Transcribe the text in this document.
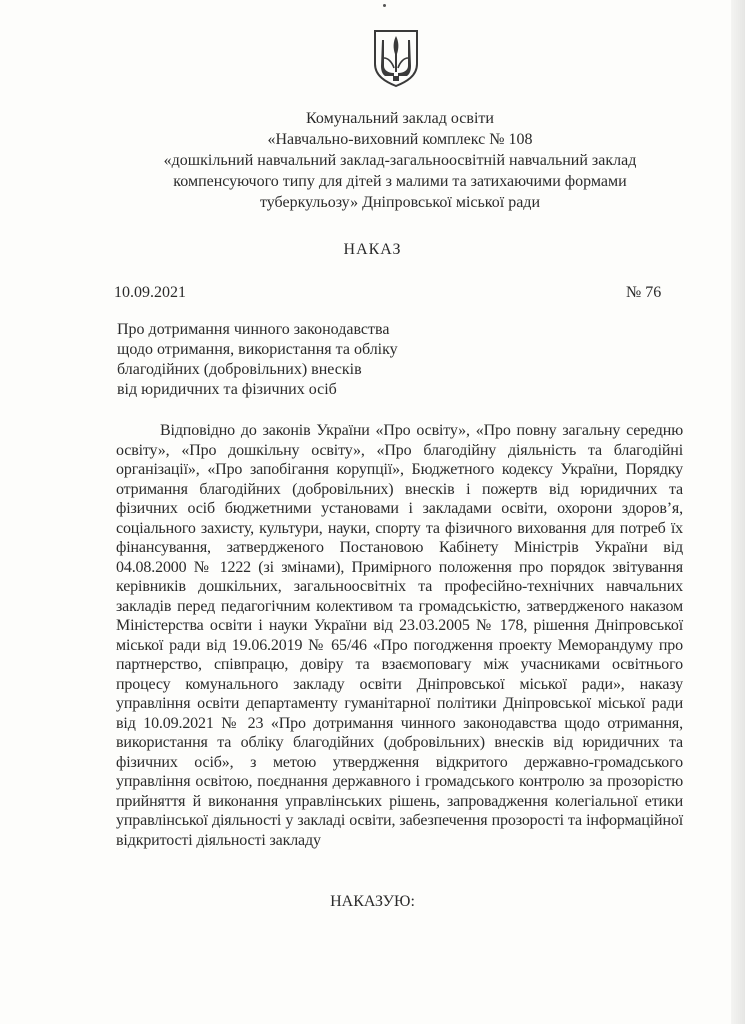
Комунальний заклад освіти
«Навчально-виховний комплекс № 108
«дошкільний навчальний заклад-загальноосвітній навчальний заклад
компенсуючого типу для дітей з малими та затихаючими формами
туберкульозу» Дніпровської міської ради
НАКАЗ
10.09.2021	№ 76
Про дотримання чинного законодавства
щодо отримання, використання та обліку
благодійних (добровільних) внесків
від юридичних та фізичних осіб
Відповідно до законів України «Про освіту», «Про повну загальну середню освіту», «Про дошкільну освіту», «Про благодійну діяльність та благодійні організації», «Про запобігання корупції», Бюджетного кодексу України, Порядку отримання благодійних (добровільних) внесків і пожертв від юридичних та фізичних осіб бюджетними установами і закладами освіти, охорони здоров’я, соціального захисту, культури, науки, спорту та фізичного виховання для потреб їх фінансування, затвердженого Постановою Кабінету Міністрів України від 04.08.2000 № 1222 (зі змінами), Примірного положення про порядок звітування керівників дошкільних, загальноосвітніх та професійно-технічних навчальних закладів перед педагогічним колективом та громадськістю, затвердженого наказом Міністерства освіти і науки України від 23.03.2005 № 178, рішення Дніпровської міської ради від 19.06.2019 № 65/46 «Про погодження проекту Меморандуму про партнерство, співпрацю, довіру та взаємоповагу між учасниками освітнього процесу комунального закладу освіти Дніпровської міської ради», наказу управління освіти департаменту гуманітарної політики Дніпровської міської ради від 10.09.2021 № 23 «Про дотримання чинного законодавства щодо отримання, використання та обліку благодійних (добровільних) внесків від юридичних та фізичних осіб», з метою утвердження відкритого державно-громадського управління освітою, поєднання державного і громадського контролю за прозорістю прийняття й виконання управлінських рішень, запровадження колегіальної етики управлінської діяльності у закладі освіти, забезпечення прозорості та інформаційної відкритості діяльності закладу
НАКАЗУЮ:
